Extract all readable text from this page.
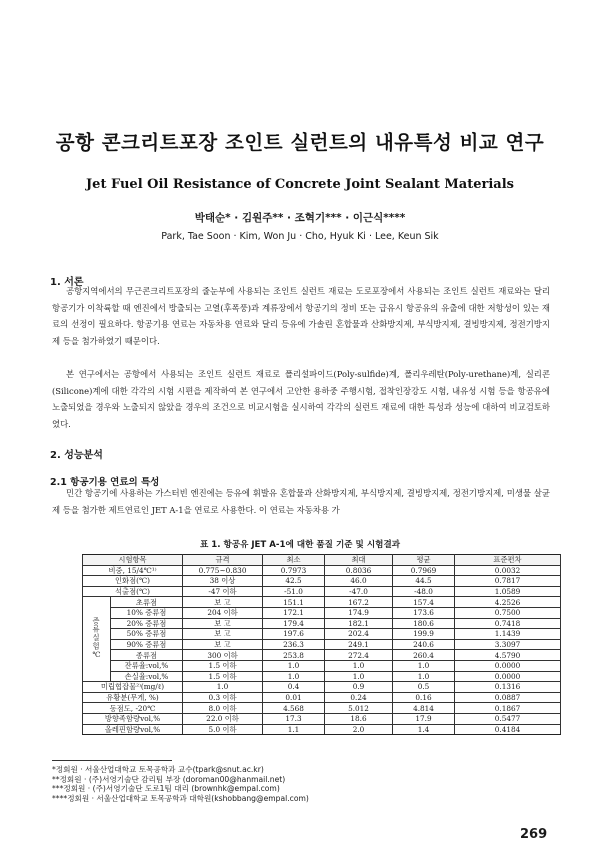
공항 콘크리트포장 조인트 실런트의 내유특성 비교 연구
Jet Fuel Oil Resistance of Concrete Joint Sealant Materials
박태순* · 김원주** · 조혁기*** · 이근식****
Park, Tae Soon · Kim, Won Ju · Cho, Hyuk Ki · Lee, Keun Sik
1. 서론

공항지역에서의 무근콘크리트포장의 줄눈부에 사용되는 조인트 실런트 재료는 도로포장에서 사용되는 조인트 실런트 재료와는 달리 항공기가 이착륙할 때 엔진에서 방출되는 고열(후폭풍)과 계류장에서 항공기의 정비 또는 급유시 항공유의 유출에 대한 저항성이 있는 재료의 선정이 필요하다. 항공기용 연료는 자동차용 연료와 달리 등유에 가솔린 혼합물과 산화방지제, 부식방지제, 결빙방지제, 정전기방지제 등을 첨가하였기 때문이다.

본 연구에서는 공항에서 사용되는 조인트 실런트 재료로 폴리설파이드(Poly-sulfide)계, 폴리우레탄(Poly-urethane)계, 실리콘(Silicone)계에 대한 각각의 시험 시편을 제작하여 본 연구에서 고안한 용하중 주행시험, 접착인장강도 시험, 내유성 시험 등을 항공유에 노출되었을 경우와 노출되지 않았을 경우의 조건으로 비교시험을 실시하여 각각의 실런트 재료에 대한 특성과 성능에 대하여 비교검토하였다.

2. 성능분석
2.1 항공기용 연료의 특성

민간 항공기에 사용하는 가스터빈 엔진에는 등유에 휘발유 혼합물과 산화방지제, 부식방지제, 결빙방지제, 정전기방지제, 미생물 살균제 등을 첨가한 제트연료인 JET A-1을 연료로 사용한다. 이 연료는 자동차용 가

표 1. 항공유 JET A-1에 대한 품질 기준 및 시험결과
시험항목		규격	최소	최대	평균	표준편차
비중, 15/4℃¹⁾		0.775~0.830	0.7973	0.8036	0.7969	0.0032
인화점(℃)		38 이상	42.5	46.0	44.5	0.7817
석출점(℃)		-47 이하	-51.0	-47.0	-48.0	1.0589
증류실험℃	초류점	보 고	151.1	167.2	157.4	4.2526
	10% 증류점	204 이하	172.1	174.9	173.6	0.7500
	20% 증류점	보 고	179.4	182.1	180.6	0.7418
	50% 증류점	보 고	197.6	202.4	199.9	1.1439
	90% 증류점	보 고	236.3	249.1	240.6	3.3097
	종류점	300 이하	253.8	272.4	260.4	4.5790
	잔류율:vol,%	1.5 이하	1.0	1.0	1.0	0.0000
	손실율:vol,%	1.5 이하	1.0	1.0	1.0	0.0000
미립협잡물²⁾(mg/ℓ)		1.0	0.4	0.9	0.5	0.1316
유황분(무게, %)		0.3 이하	0.01	0.24	0.16	0.0887
동점도, -20℃		8.0 이하	4.568	5.012	4.814	0.1867
방향족함량vol,%		22.0 이하	17.3	18.6	17.9	0.5477
올레핀함량vol,%		5.0 이하	1.1	2.0	1.4	0.4184
*정회원 · 서울산업대학교 토목공학과 교수(tpark@snut.ac.kr)
**정회원 · (주)서영기술단 감리팀 부장 (doroman00@hanmail.net)
***정회원 · (주)서영기술단 도로1팀 대리 (brownhk@empal.com)
****정회원 · 서울산업대학교 토목공학과 대학원(kshobbang@empal.com)
269
